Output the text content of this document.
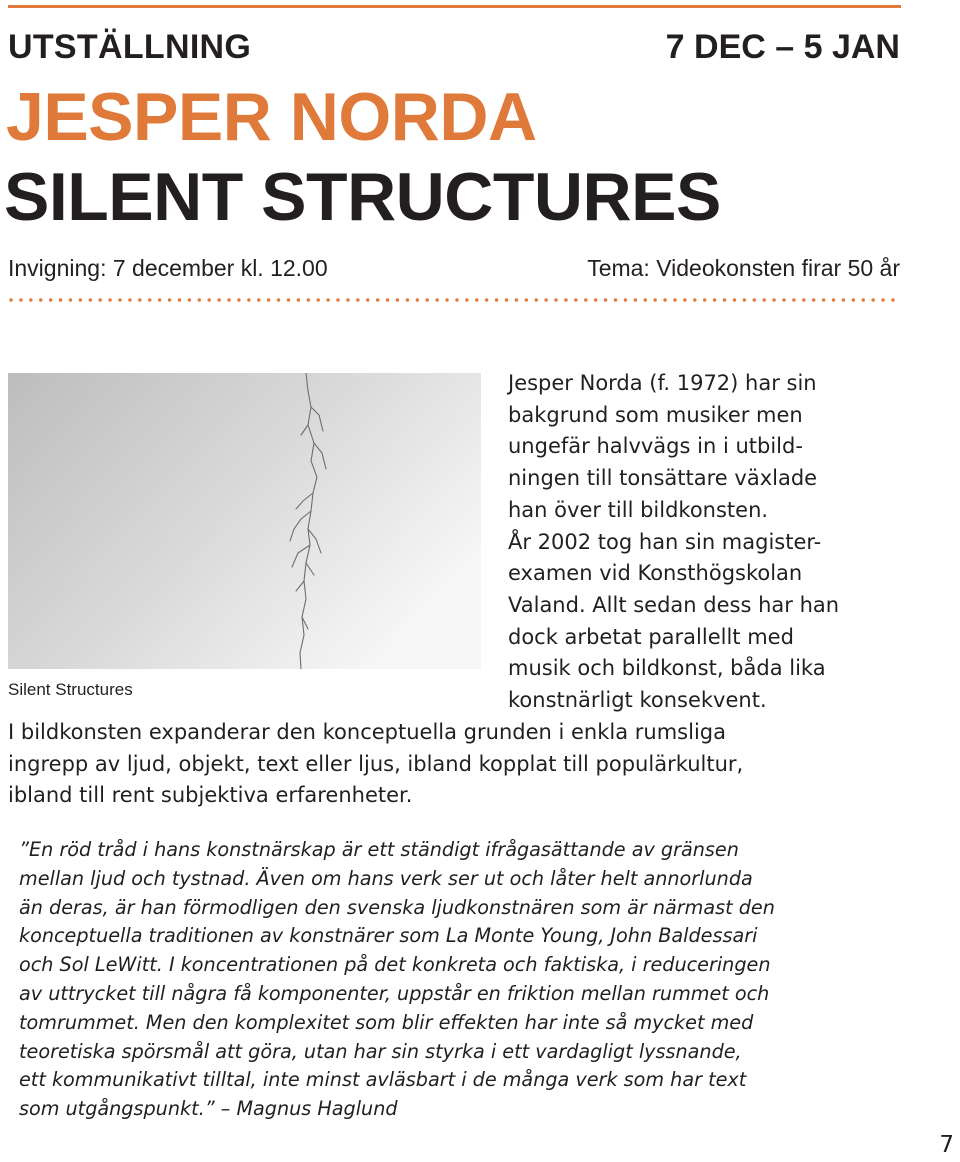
UTSTÄLLNING	7 DEC – 5 JAN
JESPER NORDA
SILENT STRUCTURES
Invigning: 7 december kl. 12.00	Tema: Videokonsten firar 50 år
Silent Structures
Jesper Norda (f. 1972) har sin
bakgrund som musiker men
ungefär halvvägs in i utbild-
ningen till tonsättare växlade
han över till bildkonsten.
År 2002 tog han sin magister-
examen vid Konsthögskolan
Valand. Allt sedan dess har han
dock arbetat parallellt med
musik och bildkonst, båda lika
konstnärligt konsekvent.
I bildkonsten expanderar den konceptuella grunden i enkla rumsliga
ingrepp av ljud, objekt, text eller ljus, ibland kopplat till populärkultur,
ibland till rent subjektiva erfarenheter.
”En röd tråd i hans konstnärskap är ett ständigt ifrågasättande av gränsen
mellan ljud och tystnad. Även om hans verk ser ut och låter helt annorlunda
än deras, är han förmodligen den svenska ljudkonstnären som är närmast den
konceptuella traditionen av konstnärer som La Monte Young, John Baldessari
och Sol LeWitt. I koncentrationen på det konkreta och faktiska, i reduceringen
av uttrycket till några få komponenter, uppstår en friktion mellan rummet och
tomrummet. Men den komplexitet som blir effekten har inte så mycket med
teoretiska spörsmål att göra, utan har sin styrka i ett vardagligt lyssnande,
ett kommunikativt tilltal, inte minst avläsbart i de många verk som har text
som utgångspunkt.” – Magnus Haglund
7
